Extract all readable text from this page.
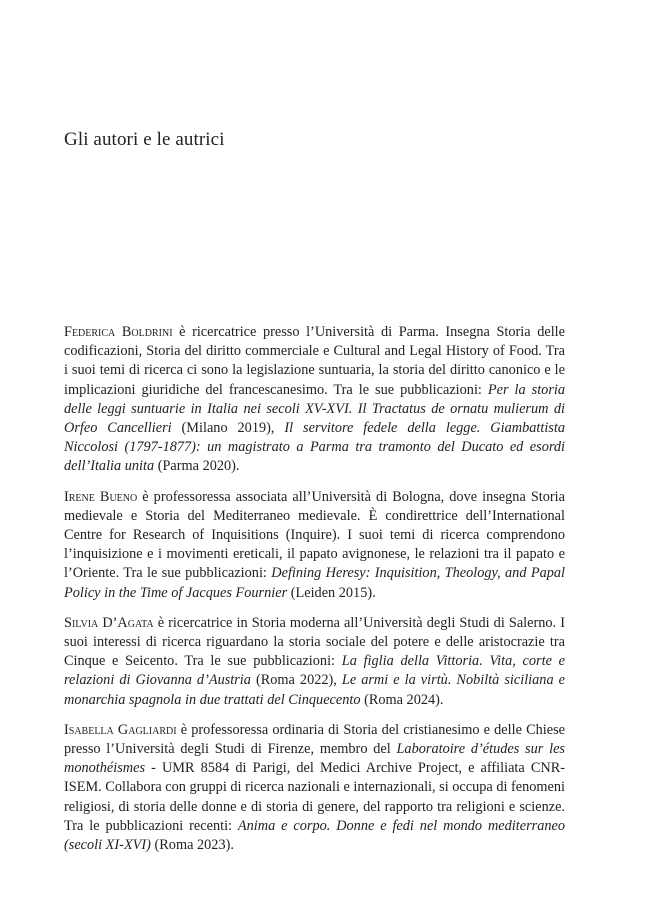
Gli autori e le autrici

Federica Boldrini è ricercatrice presso l’Università di Parma. Insegna Storia delle codificazioni, Storia del diritto commerciale e Cultural and Legal History of Food. Tra i suoi temi di ricerca ci sono la legislazione suntuaria, la storia del diritto canonico e le implicazioni giuridiche del francescanesimo. Tra le sue pubblicazioni: Per la storia delle leggi suntuarie in Italia nei secoli XV-XVI. Il Tractatus de ornatu mulierum di Orfeo Cancellieri (Milano 2019), Il servitore fedele della legge. Giambattista Niccolosi (1797-1877): un magistrato a Parma tra tramonto del Ducato ed esordi dell’Italia unita (Parma 2020).

Irene Bueno è professoressa associata all’Università di Bologna, dove insegna Storia medievale e Storia del Mediterraneo medievale. È condirettrice dell’International Centre for Research of Inquisitions (Inquire). I suoi temi di ricerca comprendono l’inquisizione e i movimenti ereticali, il papato avignonese, le relazioni tra il papato e l’Oriente. Tra le sue pubblicazioni: Defining Heresy: Inquisition, Theology, and Papal Policy in the Time of Jacques Fournier (Leiden 2015).

Silvia D’Agata è ricercatrice in Storia moderna all’Università degli Studi di Salerno. I suoi interessi di ricerca riguardano la storia sociale del potere e delle aristocrazie tra Cinque e Seicento. Tra le sue pubblicazioni: La figlia della Vittoria. Vita, corte e relazioni di Giovanna d’Austria (Roma 2022), Le armi e la virtù. Nobiltà siciliana e monarchia spagnola in due trattati del Cinquecento (Roma 2024).

Isabella Gagliardi è professoressa ordinaria di Storia del cristianesimo e delle Chiese presso l’Università degli Studi di Firenze, membro del Laboratoire d’études sur les monothéismes - UMR 8584 di Parigi, del Medici Archive Project, e affiliata CNR-ISEM. Collabora con gruppi di ricerca nazionali e internazionali, si occupa di fenomeni religiosi, di storia delle donne e di storia di genere, del rapporto tra religioni e scienze. Tra le pubblicazioni recenti: Anima e corpo. Donne e fedi nel mondo mediterraneo (secoli XI-XVI) (Roma 2023).
